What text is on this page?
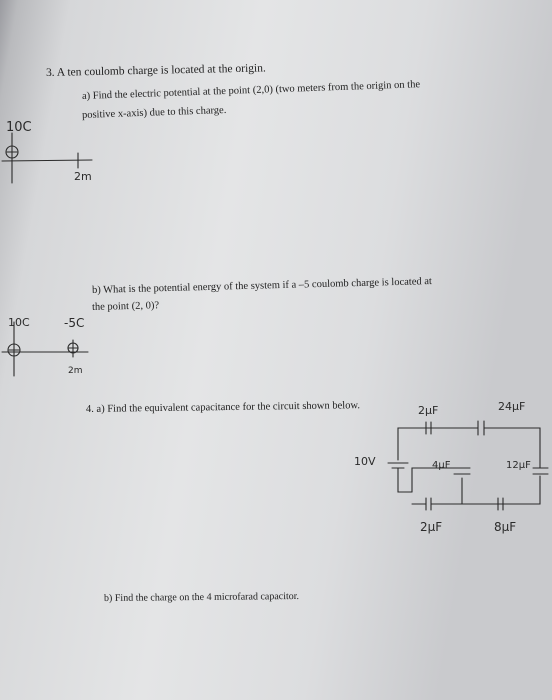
3. A ten coulomb charge is located at the origin.
a) Find the electric potential at the point (2,0) (two meters from the origin on the
positive x-axis) due to this charge.
b) What is the potential energy of the system if a –5 coulomb charge is located at
the point (2, 0)?
4. a) Find the equivalent capacitance for the circuit shown below.
b) Find the charge on the 4 microfarad capacitor.
10C
2m
10C	-5C
2m
10V
2µF	24µF
4µF	12µF
2µF	8µF
